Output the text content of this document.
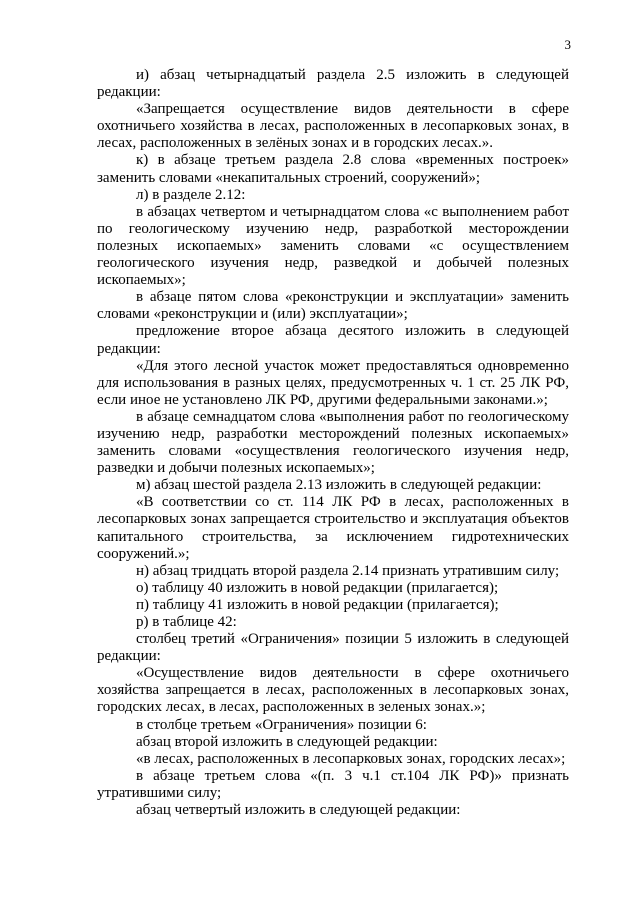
3

и) абзац четырнадцатый раздела 2.5 изложить в следующей редакции:

«Запрещается осуществление видов деятельности в сфере охотничьего хозяйства в лесах, расположенных в лесопарковых зонах, в лесах, расположенных в зелёных зонах и в городских лесах.».

к) в абзаце третьем раздела 2.8 слова «временных построек» заменить словами «некапитальных строений, сооружений»;

л) в разделе 2.12:

в абзацах четвертом и четырнадцатом слова «с выполнением работ по геологическому изучению недр, разработкой месторождении полезных ископаемых» заменить словами «с осуществлением геологического изучения недр, разведкой и добычей полезных ископаемых»;

в абзаце пятом слова «реконструкции и эксплуатации» заменить словами «реконструкции и (или) эксплуатации»;

предложение второе абзаца десятого изложить в следующей редакции:

«Для этого лесной участок может предоставляться одновременно для использования в разных целях, предусмотренных ч. 1 ст. 25 ЛК РФ, если иное не установлено ЛК РФ, другими федеральными законами.»;

в абзаце семнадцатом слова «выполнения работ по геологическому изучению недр, разработки месторождений полезных ископаемых» заменить словами «осуществления геологического изучения недр, разведки и добычи полезных ископаемых»;

м) абзац шестой раздела 2.13 изложить в следующей редакции:

«В соответствии со ст. 114 ЛК РФ в лесах, расположенных в лесопарковых зонах запрещается строительство и эксплуатация объектов капитального строительства, за исключением гидротехнических сооружений.»;

н) абзац тридцать второй раздела 2.14 признать утратившим силу;

о) таблицу 40 изложить в новой редакции (прилагается);

п) таблицу 41 изложить в новой редакции (прилагается);

р) в таблице 42:

столбец третий «Ограничения» позиции 5 изложить в следующей редакции:

«Осуществление видов деятельности в сфере охотничьего хозяйства запрещается в лесах, расположенных в лесопарковых зонах, городских лесах, в лесах, расположенных в зеленых зонах.»;

в столбце третьем «Ограничения» позиции 6:

абзац второй изложить в следующей редакции:

«в лесах, расположенных в лесопарковых зонах, городских лесах»;

в абзаце третьем слова «(п. 3 ч.1 ст.104 ЛК РФ)» признать утратившими силу;

абзац четвертый изложить в следующей редакции:
